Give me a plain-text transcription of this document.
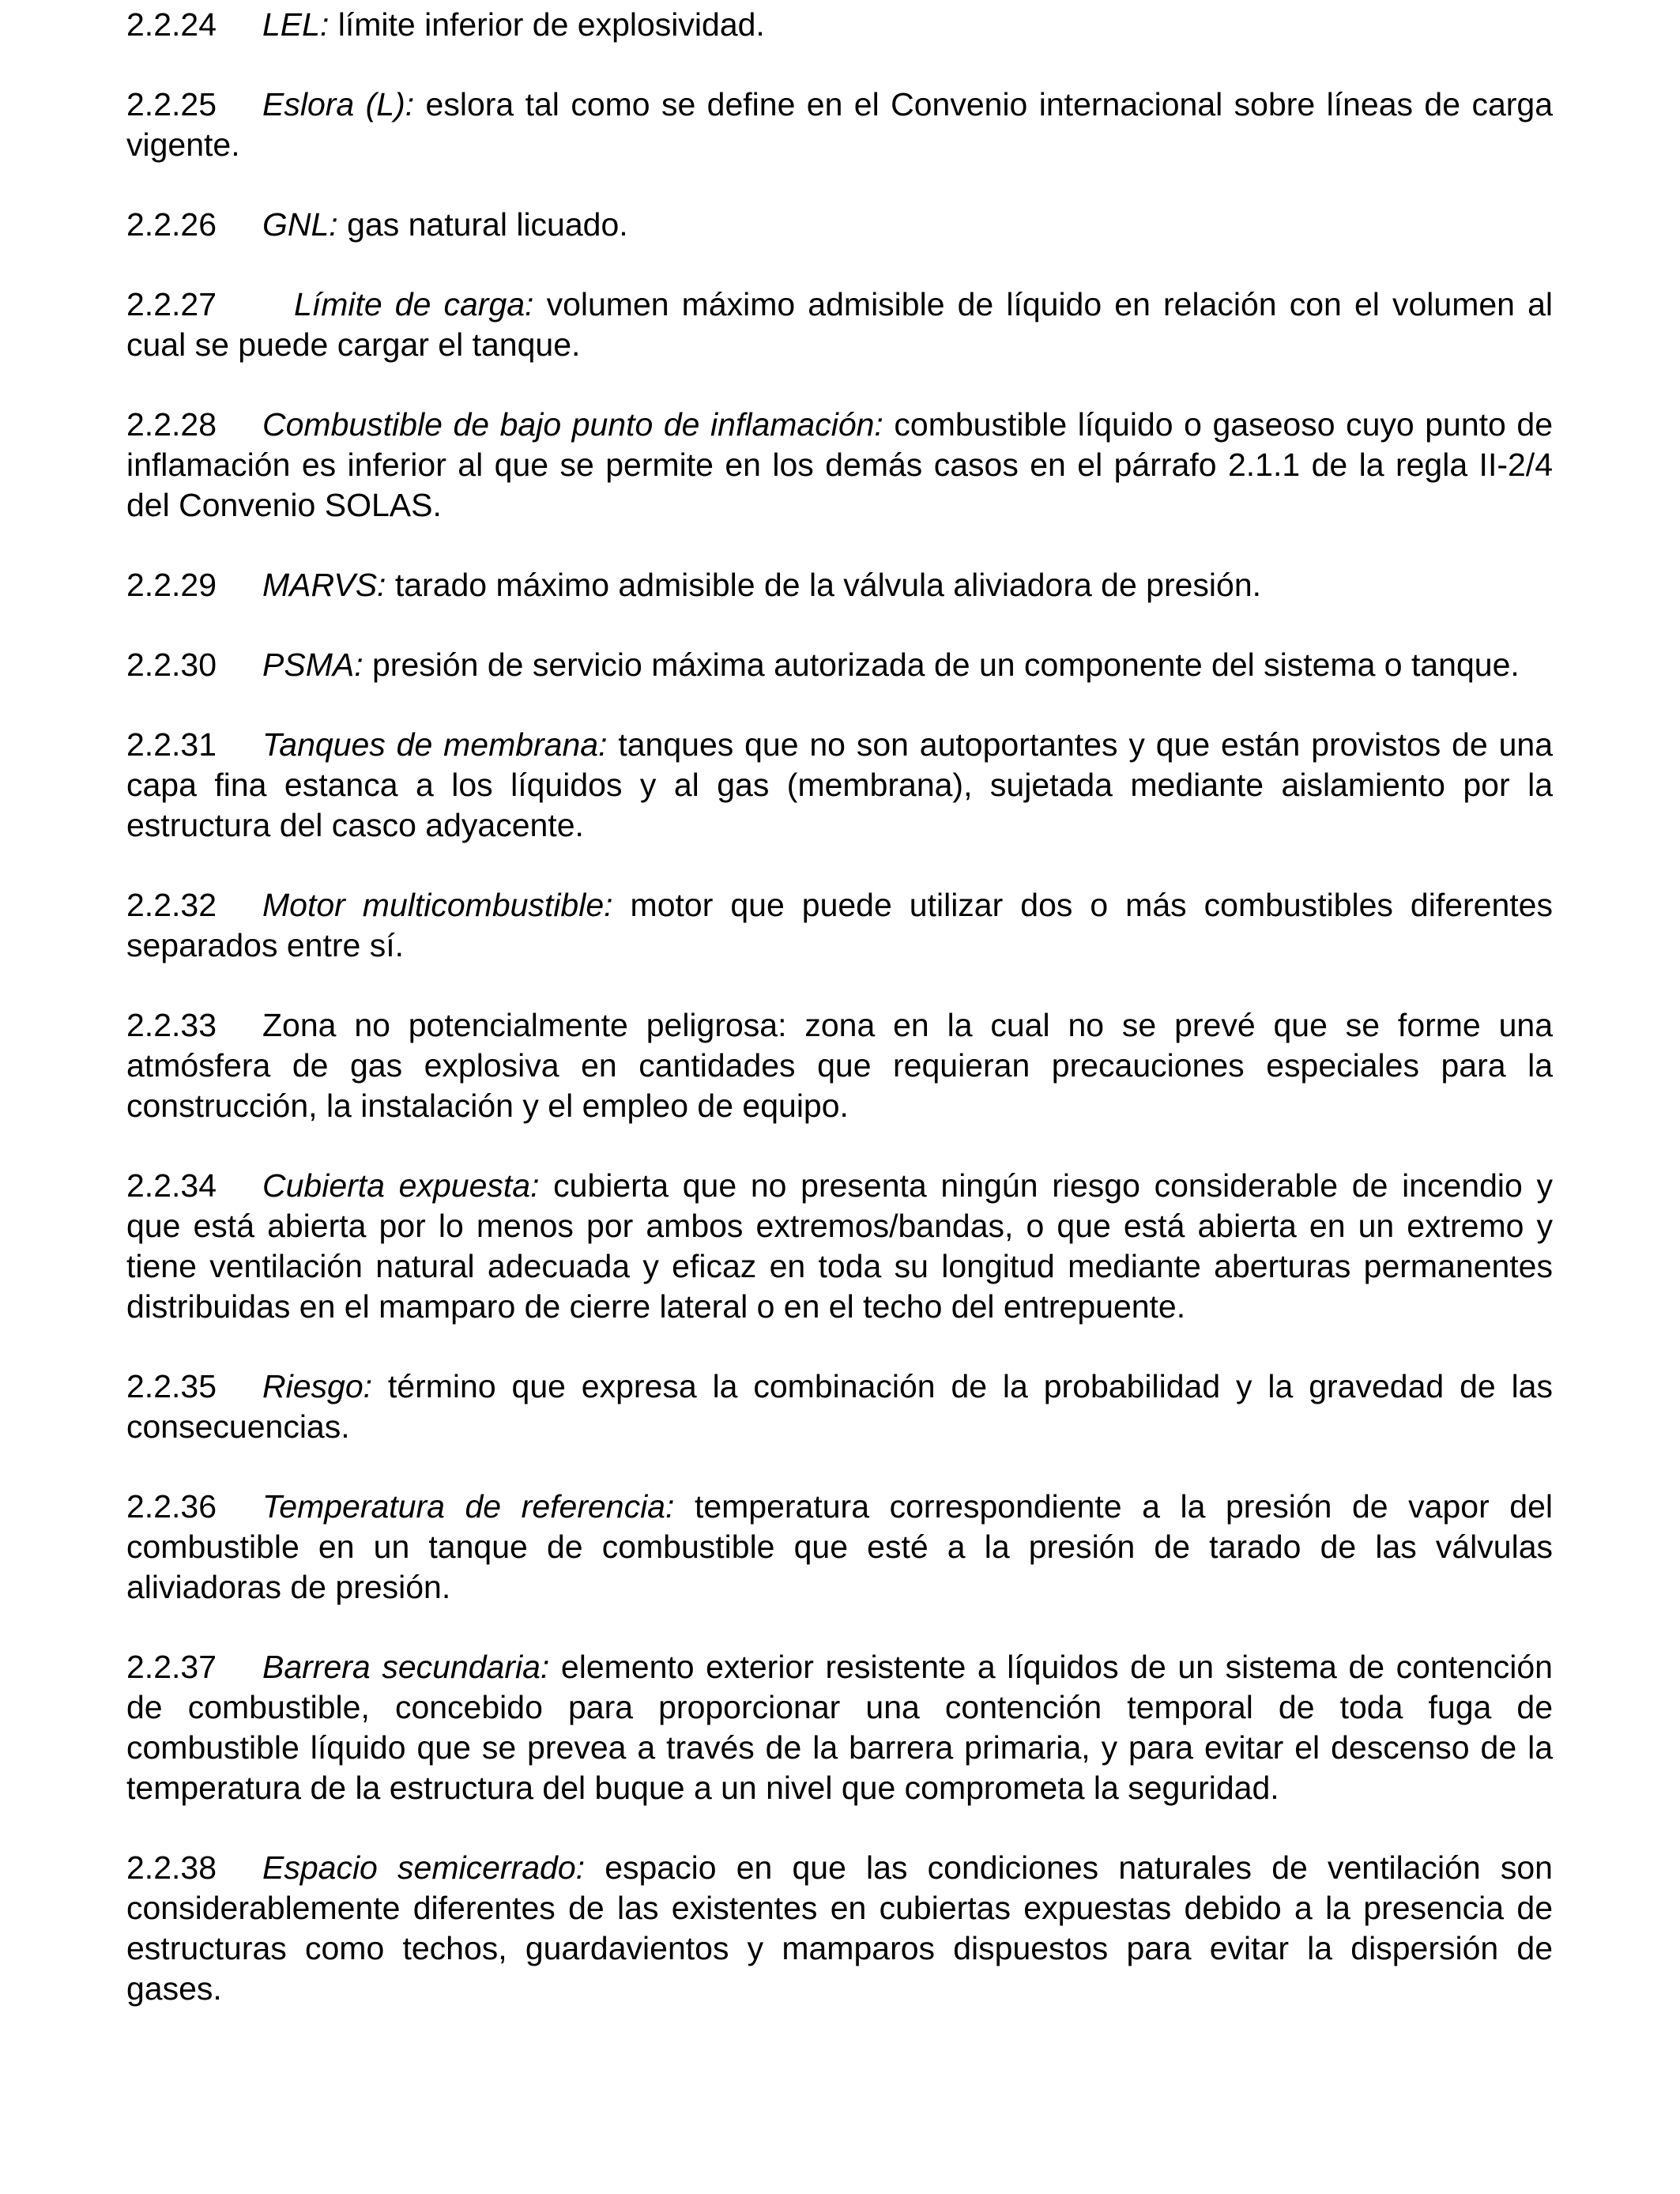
2.2.24 LEL: límite inferior de explosividad.

2.2.25 Eslora (L): eslora tal como se define en el Convenio internacional sobre líneas de carga vigente.

2.2.26 GNL: gas natural licuado.

2.2.27 Límite de carga: volumen máximo admisible de líquido en relación con el volumen al cual se puede cargar el tanque.

2.2.28 Combustible de bajo punto de inflamación: combustible líquido o gaseoso cuyo punto de inflamación es inferior al que se permite en los demás casos en el párrafo 2.1.1 de la regla II-2/4 del Convenio SOLAS.

2.2.29 MARVS: tarado máximo admisible de la válvula aliviadora de presión.

2.2.30 PSMA: presión de servicio máxima autorizada de un componente del sistema o tanque.

2.2.31 Tanques de membrana: tanques que no son autoportantes y que están provistos de una capa fina estanca a los líquidos y al gas (membrana), sujetada mediante aislamiento por la estructura del casco adyacente.

2.2.32 Motor multicombustible: motor que puede utilizar dos o más combustibles diferentes separados entre sí.

2.2.33 Zona no potencialmente peligrosa: zona en la cual no se prevé que se forme una atmósfera de gas explosiva en cantidades que requieran precauciones especiales para la construcción, la instalación y el empleo de equipo.

2.2.34 Cubierta expuesta: cubierta que no presenta ningún riesgo considerable de incendio y que está abierta por lo menos por ambos extremos/bandas, o que está abierta en un extremo y tiene ventilación natural adecuada y eficaz en toda su longitud mediante aberturas permanentes distribuidas en el mamparo de cierre lateral o en el techo del entrepuente.

2.2.35 Riesgo: término que expresa la combinación de la probabilidad y la gravedad de las consecuencias.

2.2.36 Temperatura de referencia: temperatura correspondiente a la presión de vapor del combustible en un tanque de combustible que esté a la presión de tarado de las válvulas aliviadoras de presión.

2.2.37 Barrera secundaria: elemento exterior resistente a líquidos de un sistema de contención de combustible, concebido para proporcionar una contención temporal de toda fuga de combustible líquido que se prevea a través de la barrera primaria, y para evitar el descenso de la temperatura de la estructura del buque a un nivel que comprometa la seguridad.

2.2.38 Espacio semicerrado: espacio en que las condiciones naturales de ventilación son considerablemente diferentes de las existentes en cubiertas expuestas debido a la presencia de estructuras como techos, guardavientos y mamparos dispuestos para evitar la dispersión de gases.
